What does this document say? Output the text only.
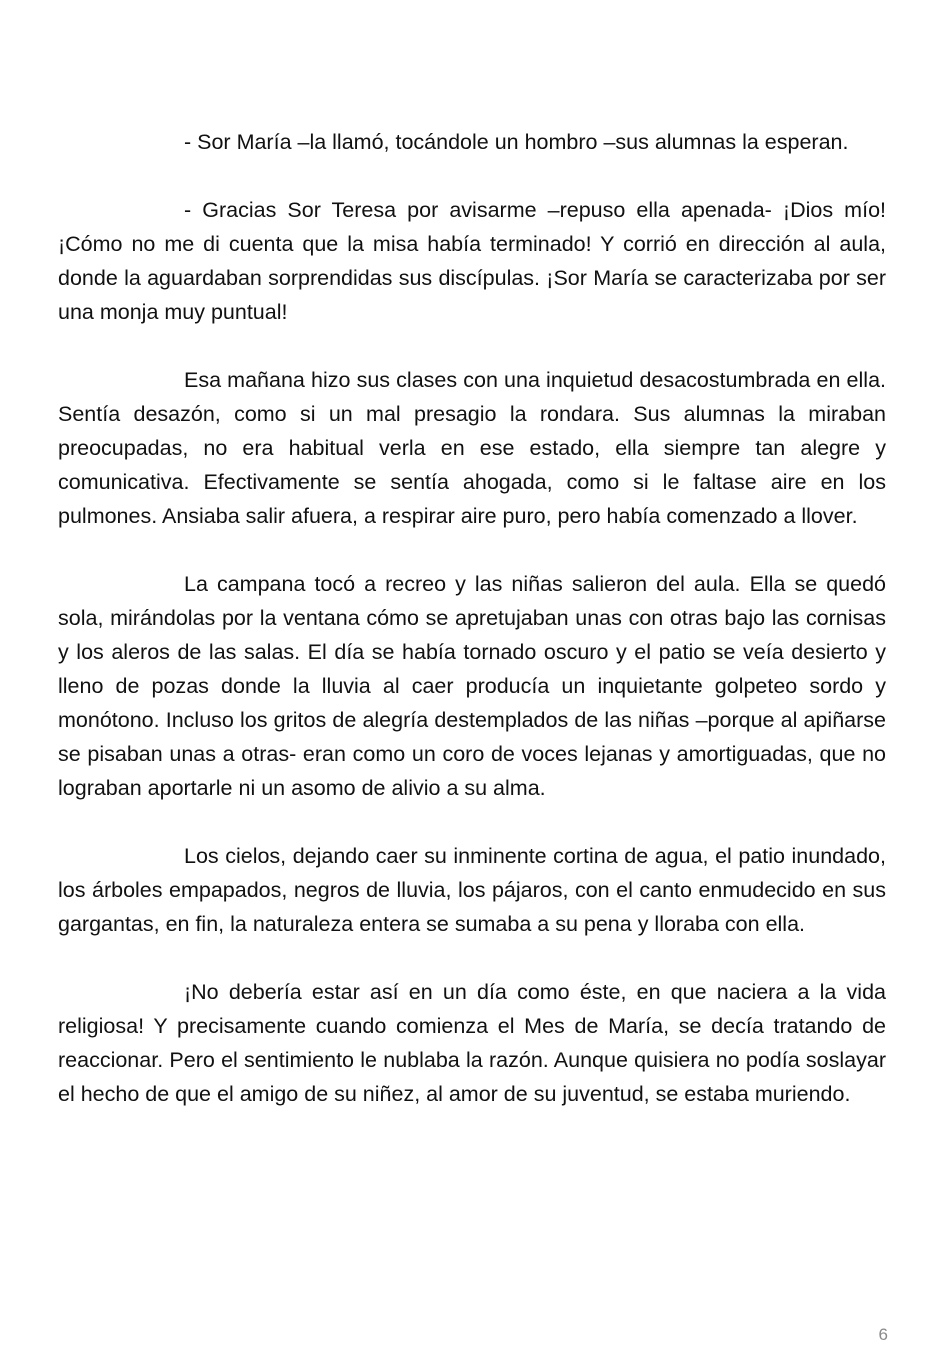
- Sor María –la llamó, tocándole un hombro –sus alumnas la esperan.

- Gracias Sor Teresa por avisarme –repuso ella apenada- ¡Dios mío! ¡Cómo no me di cuenta que la misa había terminado! Y corrió en dirección al aula, donde la aguardaban sorprendidas sus discípulas. ¡Sor María se caracterizaba por ser una monja muy puntual!

Esa mañana hizo sus clases con una inquietud desacostumbrada en ella. Sentía desazón, como si un mal presagio la rondara. Sus alumnas la miraban preocupadas, no era habitual verla en ese estado, ella siempre tan alegre y comunicativa. Efectivamente se sentía ahogada, como si le faltase aire en los pulmones. Ansiaba salir afuera, a respirar aire puro, pero había comenzado a llover.

La campana tocó a recreo y las niñas salieron del aula. Ella se quedó sola, mirándolas por la ventana cómo se apretujaban unas con otras bajo las cornisas y los aleros de las salas. El día se había tornado oscuro y el patio se veía desierto y lleno de pozas donde la lluvia al caer producía un inquietante golpeteo sordo y monótono. Incluso los gritos de alegría destemplados de las niñas –porque al apiñarse se pisaban unas a otras- eran como un coro de voces lejanas y amortiguadas, que no lograban aportarle ni un asomo de alivio a su alma.

Los cielos, dejando caer su inminente cortina de agua, el patio inundado, los árboles empapados, negros de lluvia, los pájaros, con el canto enmudecido en sus gargantas, en fin, la naturaleza entera se sumaba a su pena y lloraba con ella.

¡No debería estar así en un día como éste, en que naciera a la vida religiosa! Y precisamente cuando comienza el Mes de María, se decía tratando de reaccionar. Pero el sentimiento le nublaba la razón. Aunque quisiera no podía soslayar el hecho de que el amigo de su niñez, al amor de su juventud, se estaba muriendo.

6
